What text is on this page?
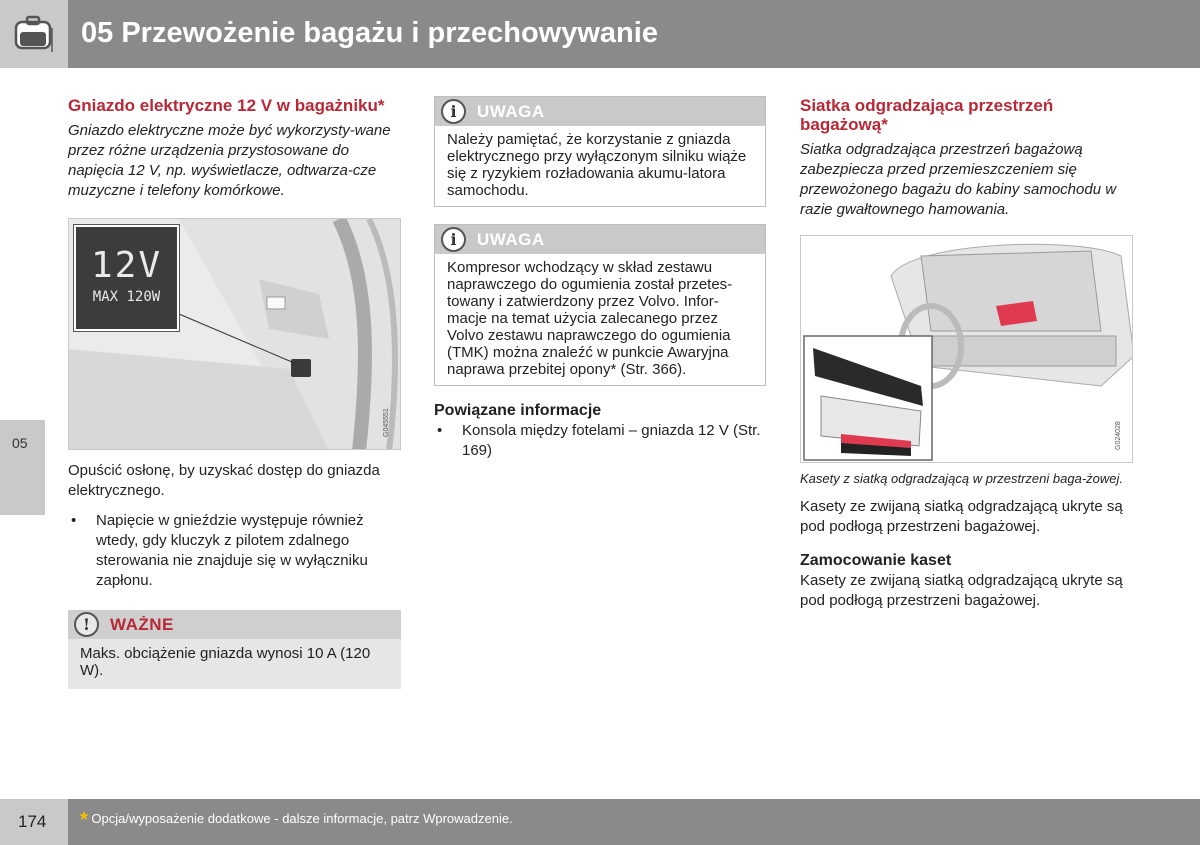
05 Przewożenie bagażu i przechowywanie
05
Gniazdo elektryczne 12 V w bagażniku*

Gniazdo elektryczne może być wykorzysty-wane przez różne urządzenia przystosowane do napięcia 12 V, np. wyświetlacze, odtwarza-cze muzyczne i telefony komórkowe.

12V
MAX 120W
G045551

Opuścić osłonę, by uzyskać dostęp do gniazda elektrycznego.

• Napięcie w gnieździe występuje również wtedy, gdy kluczyk z pilotem zdalnego sterowania nie znajduje się w wyłączniku zapłonu.
!	WAŻNE
Maks. obciążenie gniazda wynosi 10 A (120 W).
i	UWAGA
Należy pamiętać, że korzystanie z gniazda elektrycznego przy wyłączonym silniku wiąże się z ryzykiem rozładowania akumu-latora samochodu.
i	UWAGA
Kompresor wchodzący w skład zestawu naprawczego do ogumienia został przetes-towany i zatwierdzony przez Volvo. Infor-macje na temat użycia zalecanego przez Volvo zestawu naprawczego do ogumienia (TMK) można znaleźć w punkcie Awaryjna naprawa przebitej opony* (Str. 366).
Powiązane informacje
• Konsola między fotelami – gniazda 12 V (Str. 169)
Siatka odgradzająca przestrzeń bagażową*

Siatka odgradzająca przestrzeń bagażową zabezpiecza przed przemieszczeniem się przewożonego bagażu do kabiny samochodu w razie gwałtownego hamowania.

G024028

Kasety z siatką odgradzającą w przestrzeni baga-żowej.

Kasety ze zwijaną siatką odgradzającą ukryte są pod podłogą przestrzeni bagażowej.

Zamocowanie kaset

Kasety ze zwijaną siatką odgradzającą ukryte są pod podłogą przestrzeni bagażowej.

174 * Opcja/wyposażenie dodatkowe - dalsze informacje, patrz Wprowadzenie.
